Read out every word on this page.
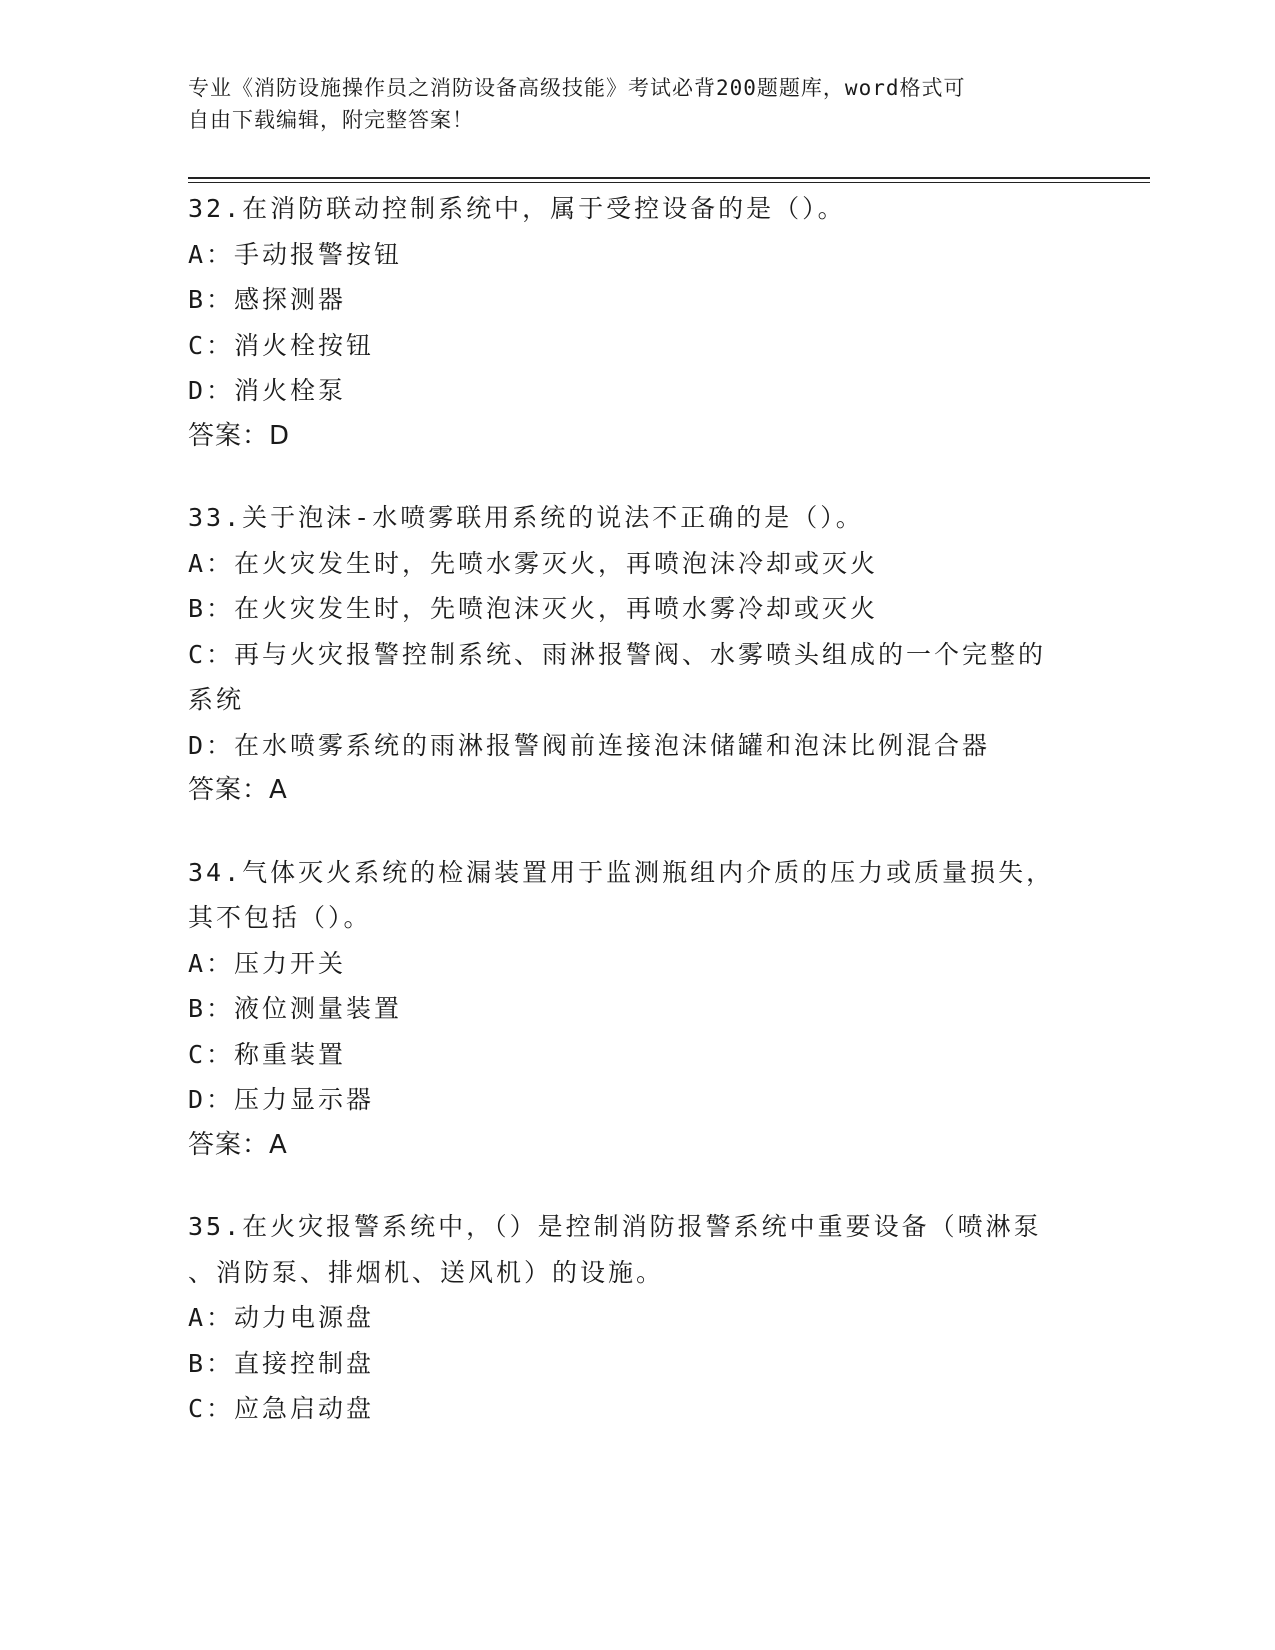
专业《消防设施操作员之消防设备高级技能》考试必背200题题库，word格式可
自由下载编辑，附完整答案！
32.在消防联动控制系统中，属于受控设备的是（）。
A：手动报警按钮
B：感探测器
C：消火栓按钮
D：消火栓泵
答案：D
33.关于泡沫-水喷雾联用系统的说法不正确的是（）。
A：在火灾发生时，先喷水雾灭火，再喷泡沫冷却或灭火
B：在火灾发生时，先喷泡沫灭火，再喷水雾冷却或灭火
C：再与火灾报警控制系统、雨淋报警阀、水雾喷头组成的一个完整的
系统
D：在水喷雾系统的雨淋报警阀前连接泡沫储罐和泡沫比例混合器
答案：A
34.气体灭火系统的检漏装置用于监测瓶组内介质的压力或质量损失，
其不包括（）。
A：压力开关
B：液位测量装置
C：称重装置
D：压力显示器
答案：A
35.在火灾报警系统中，（）是控制消防报警系统中重要设备（喷淋泵
、消防泵、排烟机、送风机）的设施。
A：动力电源盘
B：直接控制盘
C：应急启动盘
